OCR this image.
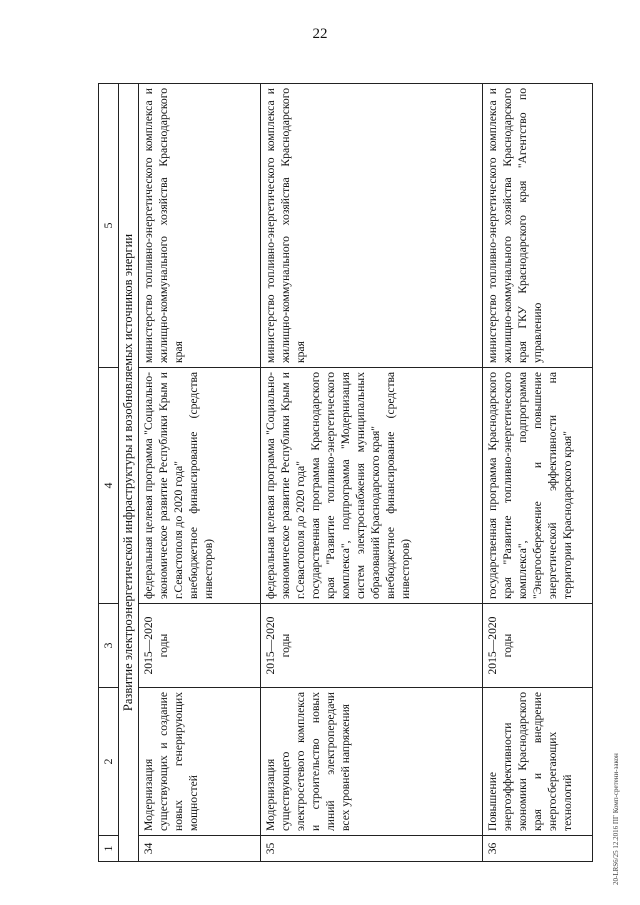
22
1	2	3	4	5
Развитие электроэнергетической инфраструктуры и возобновляемых источников энергии				
34	Модернизация существующих и создание новых генерирующих мощностей	2015—2020 годы	федеральная целевая программа "Социально-экономическое развитие Республики Крым и г.Севастополя до 2020 года" внебюджетное финансирование (средства инвесторов)	министерство топливно-энергетического комплекса и жилищно-коммунального хозяйства Краснодарского края
35	Модернизация существующего электросетевого комплекса и строительство новых линий электропередачи всех уровней напряжения	2015—2020 годы	федеральная целевая программа "Социально-экономическое развитие Республики Крым и г.Севастополя до 2020 года" государственная программа Краснодарского края "Развитие топливно-энергетического комплекса", подпрограмма "Модернизация систем электроснабжения муниципальных образований Краснодарского края" внебюджетное финансирование (средства инвесторов)	министерство топливно-энергетического комплекса и жилищно-коммунального хозяйства Краснодарского края
36	Повышение энергоэффективности экономики Краснодарского края и внедрение энергосберегающих технологий	2015—2020 годы	государственная программа Краснодарского края "Развитие топливно-энергетического комплекса", подпрограмма "Энергосбережение и повышение энергетической эффективности на территории Краснодарского края"	министерство топливно-энергетического комплекса и жилищно-коммунального хозяйства Краснодарского края ГКУ Краснодарского края "Агентство по управлению
20-LRS6/25 12.2016 ПГ Комп-сретени-закон
